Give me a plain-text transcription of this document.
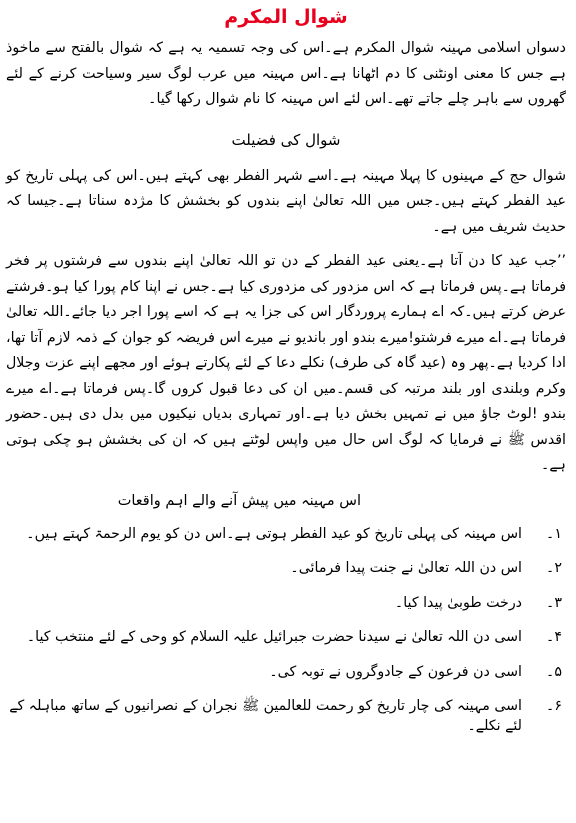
شوال المکرم

دسواں اسلامی مہینہ شوال المکرم ہے۔اس کی وجہ تسمیہ یہ ہے کہ شوال بالفتح سے ماخوذ ہے جس کا معنی اونٹنی کا دم اٹھانا ہے۔اس مہینہ میں عرب لوگ سیر وسیاحت کرنے کے لئے گھروں سے باہر چلے جاتے تھے۔اس لئے اس مہینہ کا نام شوال رکھا گیا۔

شوال کی فضیلت

شوال حج کے مہینوں کا پہلا مہینہ ہے۔اسے شہر الفطر بھی کہتے ہیں۔اس کی پہلی تاریخ کو عید الفطر کہتے ہیں۔جس میں اللہ تعالیٰ اپنے بندوں کو بخشش کا مژدہ سناتا ہے۔جیسا کہ حدیث شریف میں ہے۔

’’جب عید کا دن آتا ہے۔یعنی عید الفطر کے دن تو اللہ تعالیٰ اپنے بندوں سے فرشتوں پر فخر فرماتا ہے۔پس فرماتا ہے کہ اس مزدور کی مزدوری کیا ہے۔جس نے اپنا کام پورا کیا ہو۔فرشتے عرض کرتے ہیں۔کہ اے ہمارے پروردگار اس کی جزا یہ ہے کہ اسے پورا اجر دیا جائے۔اللہ تعالیٰ فرماتا ہے۔اے میرے فرشتو!میرے بندو اور باندیو نے میرے اس فریضہ کو جوان کے ذمہ لازم آتا تھا، ادا کردیا ہے۔پھر وہ (عید گاہ کی طرف) نکلے دعا کے لئے پکارتے ہوئے اور مجھے اپنے عزت وجلال وکرم وبلندی اور بلند مرتبہ کی قسم۔میں ان کی دعا قبول کروں گا۔پس فرماتا ہے۔اے میرے بندو !لوٹ جاؤ میں نے تمہیں بخش دیا ہے۔اور تمہاری بدیاں نیکیوں میں بدل دی ہیں۔حضور اقدس ﷺ نے فرمایا کہ لوگ اس حال میں واپس لوٹتے ہیں کہ ان کی بخشش ہو چکی ہوتی ہے۔

اس مہینہ میں پیش آنے والے اہم واقعات
۱۔
اس مہینہ کی پہلی تاریخ کو عید الفطر ہوتی ہے۔اس دن کو یوم الرحمۃ کہتے ہیں۔
۲۔
اس دن اللہ تعالیٰ نے جنت پیدا فرمائی۔
۳۔
درخت طوبیٰ پیدا کیا۔
۴۔
اسی دن اللہ تعالیٰ نے سیدنا حضرت جبرائیل علیہ السلام کو وحی کے لئے منتخب کیا۔
۵۔
اسی دن فرعون کے جادوگروں نے توبہ کی۔
۶۔
اسی مہینہ کی چار تاریخ کو رحمت للعالمین ﷺ نجران کے نصرانیوں کے ساتھ مباہلہ کے لئے نکلے۔
